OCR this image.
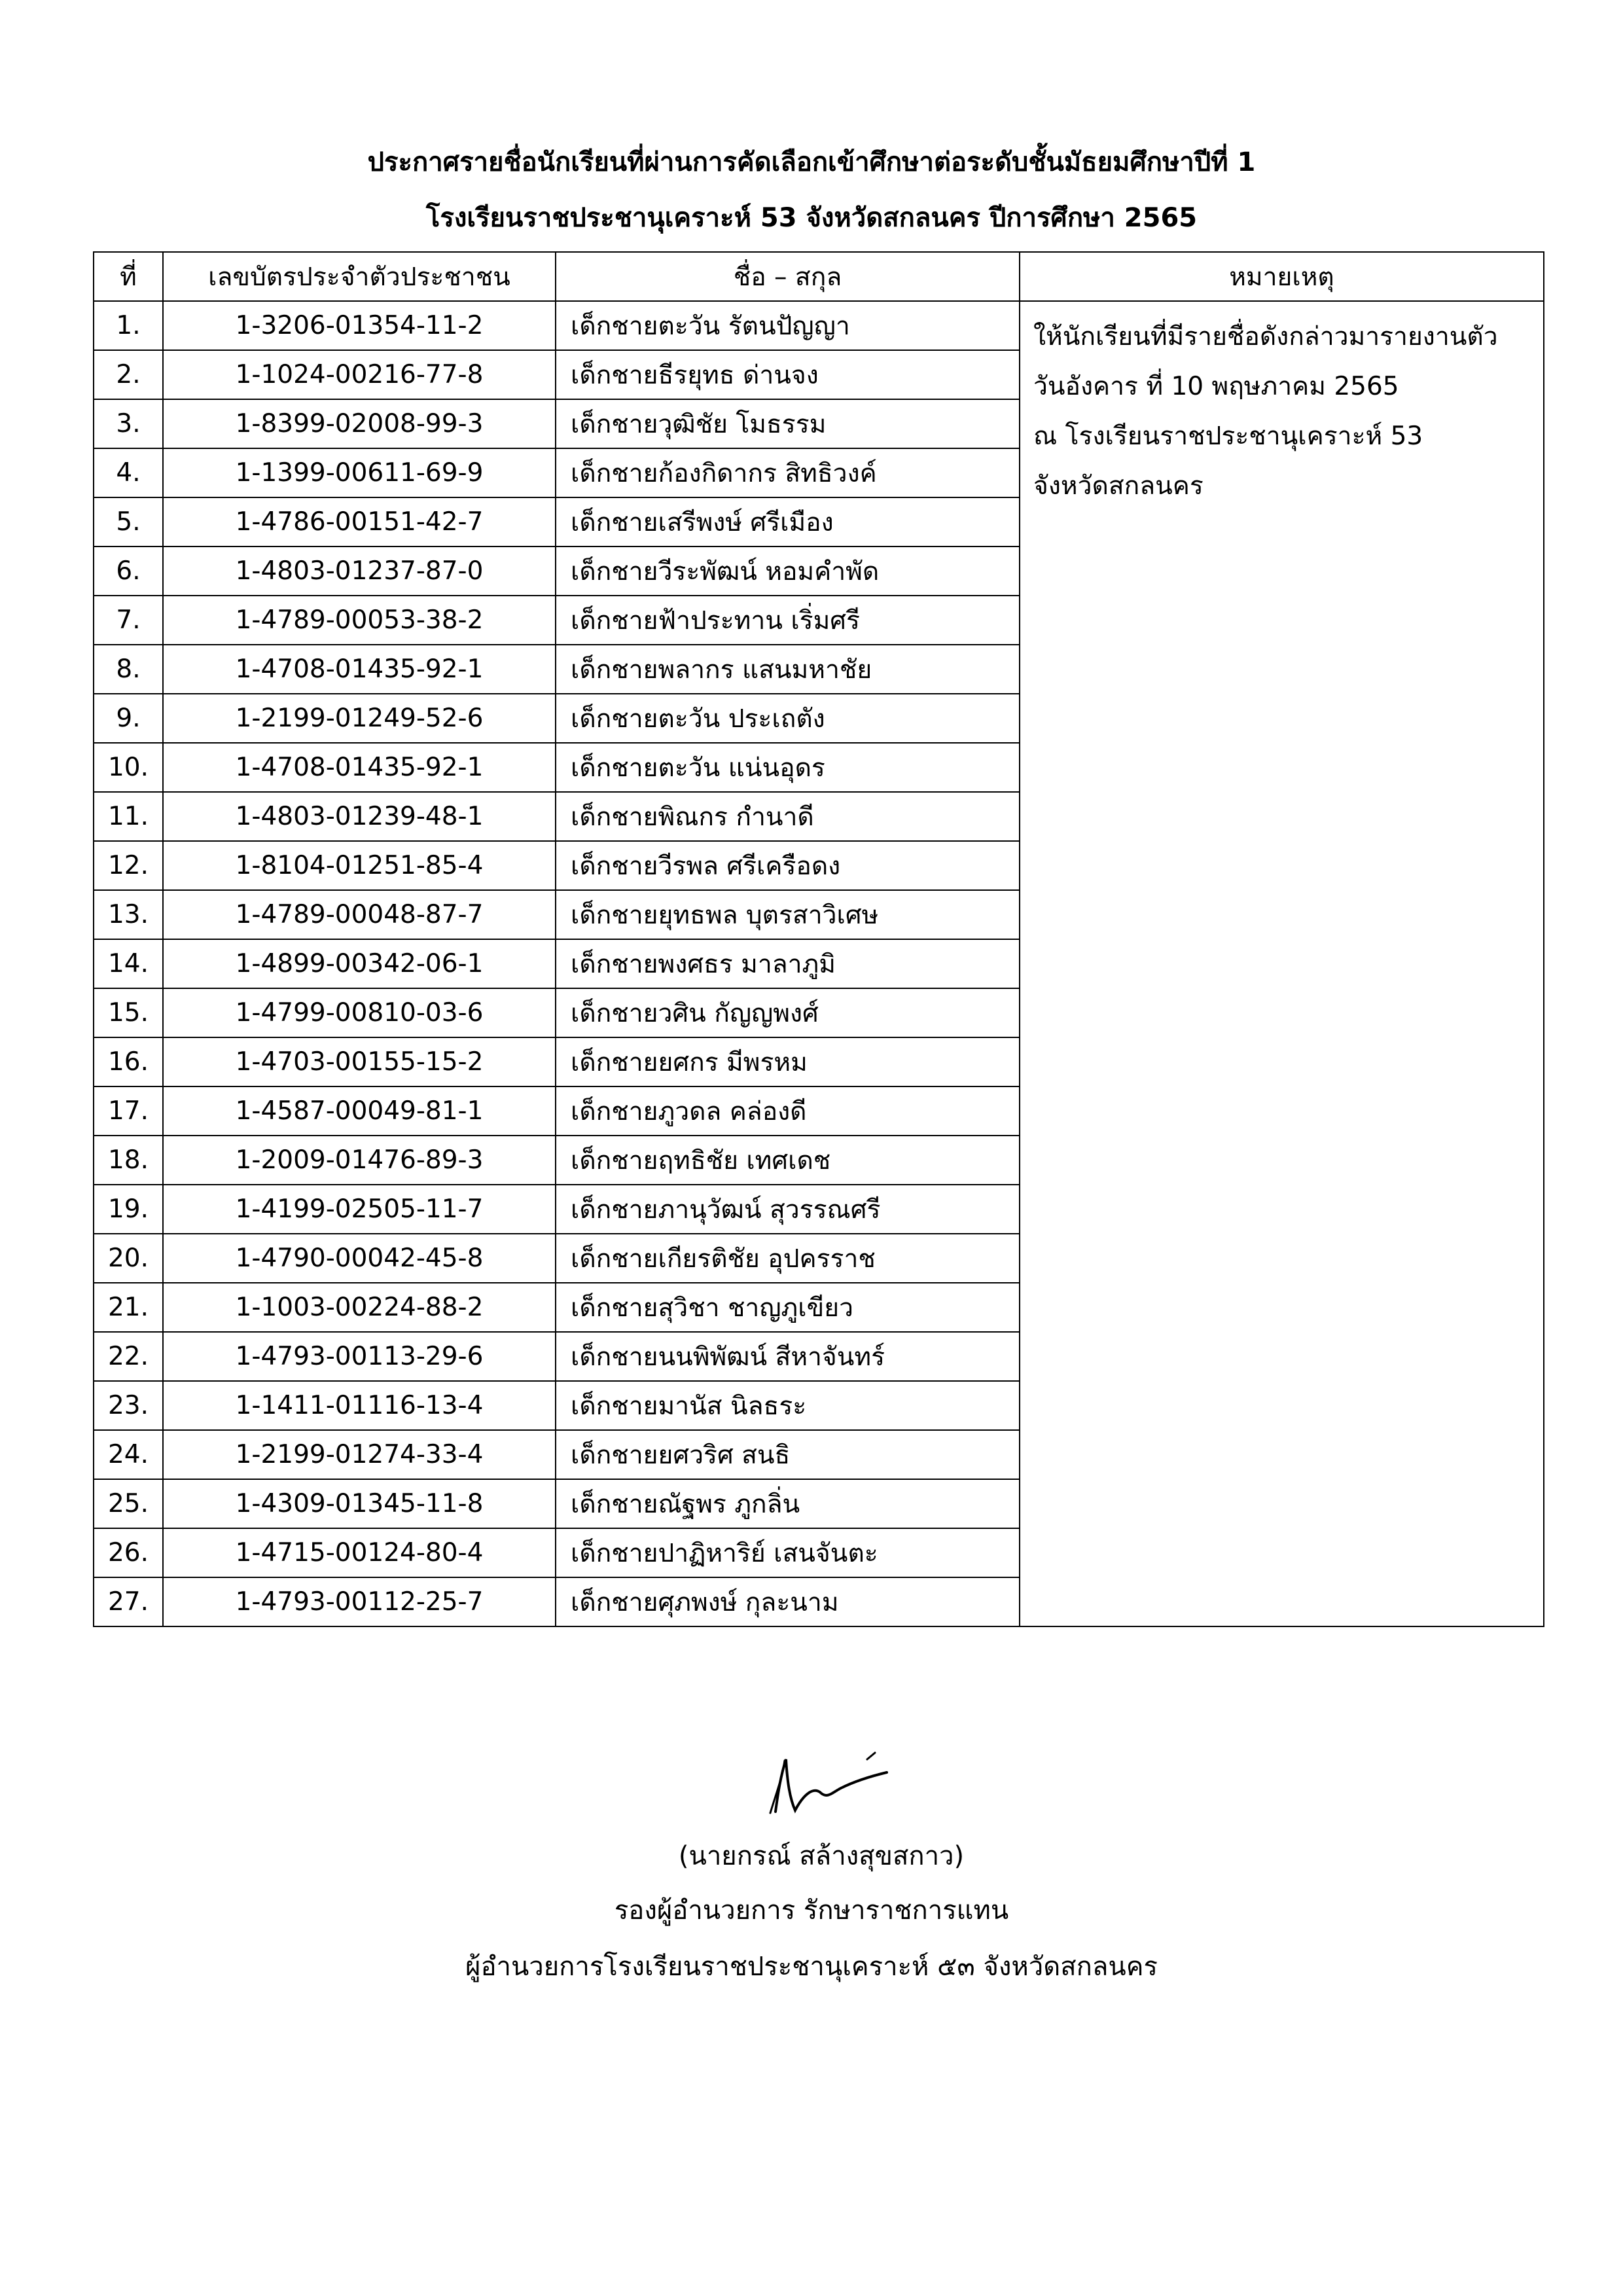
ประกาศรายชื่อนักเรียนที่ผ่านการคัดเลือกเข้าศึกษาต่อระดับชั้นมัธยมศึกษาปีที่ 1
โรงเรียนราชประชานุเคราะห์ 53 จังหวัดสกลนคร ปีการศึกษา 2565
ที่	เลขบัตรประจำตัวประชาชน	ชื่อ – สกุล	หมายเหตุ
1.	1-3206-01354-11-2	เด็กชายตะวัน รัตนปัญญา	ให้นักเรียนที่มีรายชื่อดังกล่าวมารายงานตัว
วันอังคาร ที่ 10 พฤษภาคม 2565
ณ โรงเรียนราชประชานุเคราะห์ 53
จังหวัดสกลนคร

2.	1-1024-00216-77-8	เด็กชายธีรยุทธ ด่านจง	
3.	1-8399-02008-99-3	เด็กชายวุฒิชัย โมธรรม	
4.	1-1399-00611-69-9	เด็กชายก้องกิดากร สิทธิวงค์	
5.	1-4786-00151-42-7	เด็กชายเสรีพงษ์ ศรีเมือง	
6.	1-4803-01237-87-0	เด็กชายวีระพัฒน์ หอมคำพัด	
7.	1-4789-00053-38-2	เด็กชายฟ้าประทาน เริ่มศรี	
8.	1-4708-01435-92-1	เด็กชายพลากร แสนมหาชัย	
9.	1-2199-01249-52-6	เด็กชายตะวัน ประเถตัง	
10.	1-4708-01435-92-1	เด็กชายตะวัน แน่นอุดร	
11.	1-4803-01239-48-1	เด็กชายพิณกร กำนาดี	
12.	1-8104-01251-85-4	เด็กชายวีรพล ศรีเครือดง	
13.	1-4789-00048-87-7	เด็กชายยุทธพล บุตรสาวิเศษ	
14.	1-4899-00342-06-1	เด็กชายพงศธร มาลาภูมิ	
15.	1-4799-00810-03-6	เด็กชายวศิน กัญญพงศ์	
16.	1-4703-00155-15-2	เด็กชายยศกร มีพรหม	
17.	1-4587-00049-81-1	เด็กชายภูวดล คล่องดี	
18.	1-2009-01476-89-3	เด็กชายฤทธิชัย เทศเดช	
19.	1-4199-02505-11-7	เด็กชายภานุวัฒน์ สุวรรณศรี	
20.	1-4790-00042-45-8	เด็กชายเกียรติชัย อุปครราช	
21.	1-1003-00224-88-2	เด็กชายสุวิชา ชาญภูเขียว	
22.	1-4793-00113-29-6	เด็กชายนนพิพัฒน์ สีหาจันทร์	
23.	1-1411-01116-13-4	เด็กชายมานัส นิลธระ	
24.	1-2199-01274-33-4	เด็กชายยศวริศ สนธิ	
25.	1-4309-01345-11-8	เด็กชายณัฐพร ภูกลิ่น	
26.	1-4715-00124-80-4	เด็กชายปาฏิหาริย์ เสนจันตะ	
27.	1-4793-00112-25-7	เด็กชายศุภพงษ์ กุละนาม	
(นายกรณ์ สล้างสุขสกาว)
รองผู้อำนวยการ รักษาราชการแทน
ผู้อำนวยการโรงเรียนราชประชานุเคราะห์ ๕๓ จังหวัดสกลนคร
